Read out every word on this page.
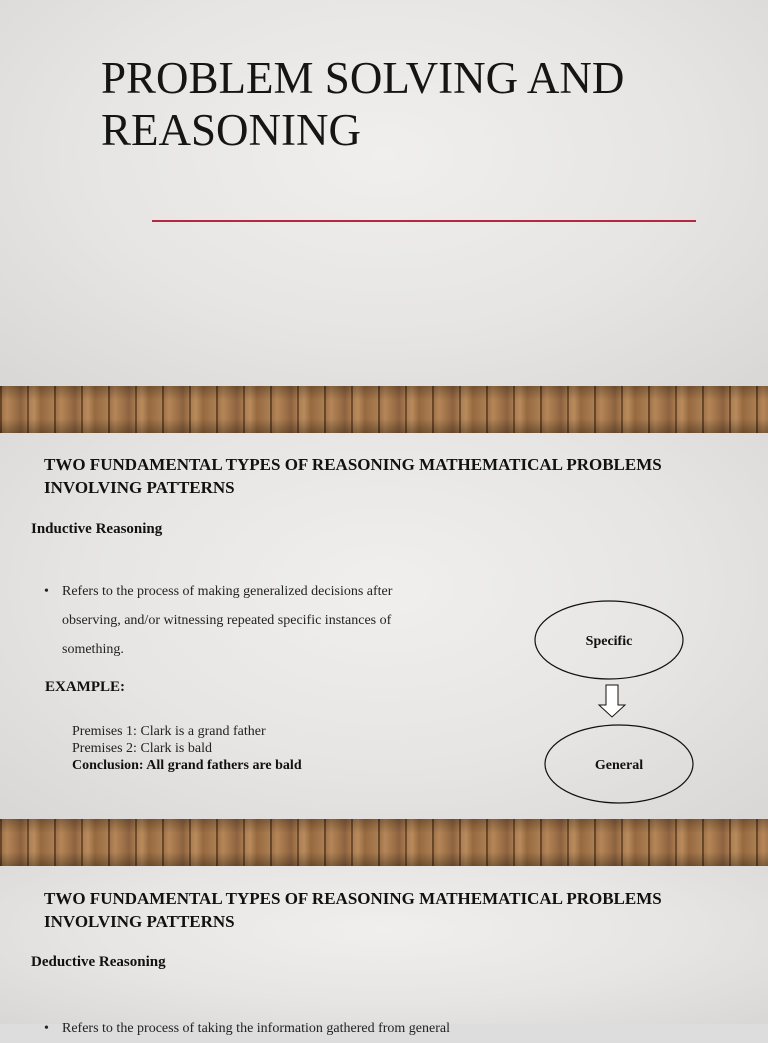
PROBLEM SOLVING AND
REASONING
TWO FUNDAMENTAL TYPES OF REASONING MATHEMATICAL PROBLEMS
INVOLVING PATTERNS
Inductive Reasoning
• Refers to the process of making generalized decisions after
observing, and/or witnessing repeated specific instances of
something.
EXAMPLE:
Premises 1: Clark is a grand father
Premises 2: Clark is bald
Conclusion: All grand fathers are bald
Specific
General
TWO FUNDAMENTAL TYPES OF REASONING MATHEMATICAL PROBLEMS
INVOLVING PATTERNS
Deductive Reasoning
• Refers to the process of taking the information gathered from general
